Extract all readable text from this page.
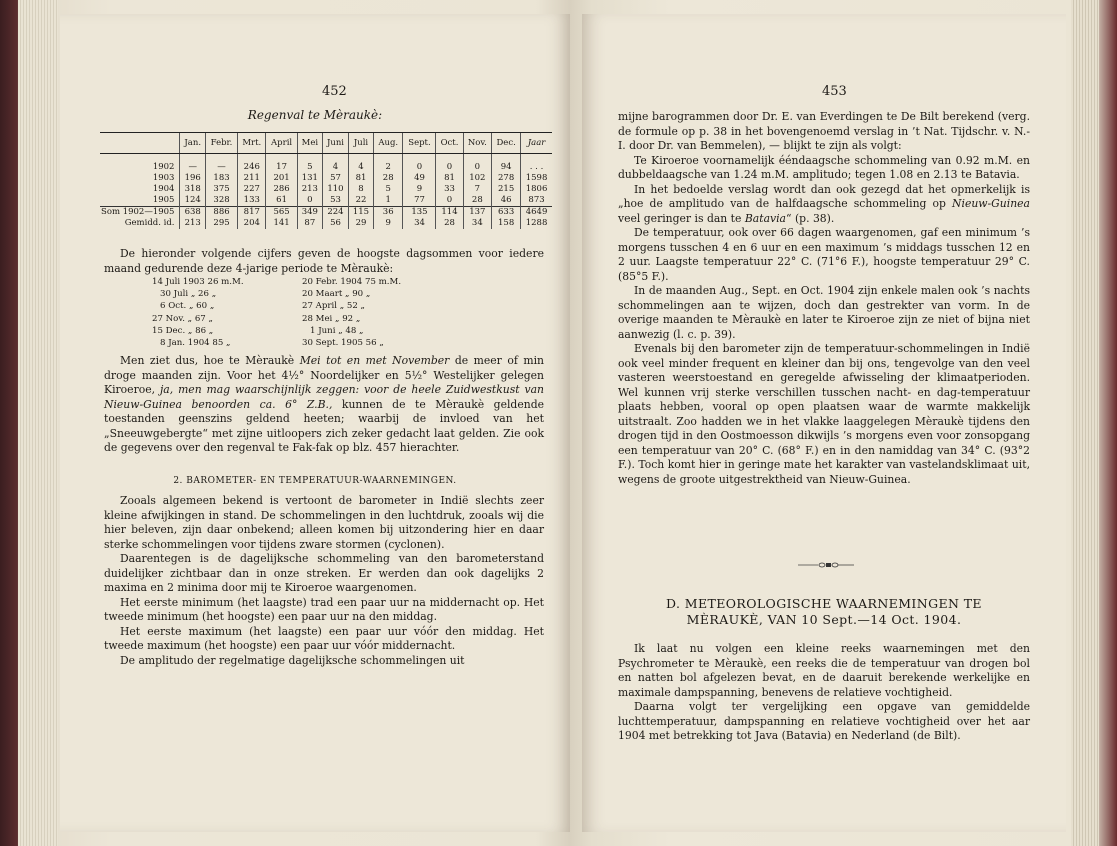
452
Regenval te Mèraukè:
	Jan.	Febr.	Mrt.	April	Mei	Juni	Juli	Aug.	Sept.	Oct.	Nov.	Dec.	Jaar

1902	—	—	246	17	5	4	4	2	0	0	0	94	. . .
1903	196	183	211	201	131	57	81	28	49	81	102	278	1598
1904	318	375	227	286	213	110	8	5	9	33	7	215	1806
1905	124	328	133	61	0	53	22	1	77	0	28	46	873
Som 1902—1905	638	886	817	565	349	224	115	36	135	114	137	633	4649
Gemidd. id.	213	295	204	141	87	56	29	9	34	28	34	158	1288

De hieronder volgende cijfers geven de hoogste dagsommen voor iedere maand gedurende deze 4-jarige periode te Mèraukè:

14 Juli 1903 26 m.M.
30 Juli „ 26 „
6 Oct. „ 60 „
27 Nov. „ 67 „
15 Dec. „ 86 „
8 Jan. 1904 85 „
20 Febr. 1904 75 m.M.
20 Maart „ 90 „
27 April „ 52 „
28 Mei „ 92 „
1 Juni „ 48 „
30 Sept. 1905 56 „

Men ziet dus, hoe te Mèraukè Mei tot en met November de meer of min droge maanden zijn. Voor het 4½° Noordelijker en 5½° Westelijker gelegen Kiroeroe, ja, men mag waarschijnlijk zeggen: voor de heele Zuidwestkust van Nieuw-Guinea benoorden ca. 6° Z.B., kunnen de te Mèraukè geldende toestanden geenszins geldend heeten; waarbij de invloed van het „Sneeuwgebergte“ met zijne uitloopers zich zeker gedacht laat gelden. Zie ook de gegevens over den regenval te Fak-fak op blz. 457 hierachter.

2. BAROMETER- EN TEMPERATUUR-WAARNEMINGEN.

Zooals algemeen bekend is vertoont de barometer in Indië slechts zeer kleine afwijkingen in stand. De schommelingen in den luchtdruk, zooals wij die hier beleven, zijn daar onbekend; alleen komen bij uitzondering hier en daar sterke schommelingen voor tijdens zware stormen (cyclonen).

Daarentegen is de dagelijksche schommeling van den barometerstand duidelijker zichtbaar dan in onze streken. Er werden dan ook dagelijks 2 maxima en 2 minima door mij te Kiroeroe waargenomen.

Het eerste minimum (het laagste) trad een paar uur na middernacht op. Het tweede minimum (het hoogste) een paar uur na den middag.

Het eerste maximum (het laagste) een paar uur vóór den middag. Het tweede maximum (het hoogste) een paar uur vóór middernacht.

De amplitudo der regelmatige dagelijksche schommelingen uit

453

mijne barogrammen door Dr. E. van Everdingen te De Bilt berekend (verg. de formule op p. 38 in het bovengenoemd verslag in ’t Nat. Tijdschr. v. N.-I. door Dr. van Bemmelen), — blijkt te zijn als volgt:

Te Kiroeroe voornamelijk ééndaagsche schommeling van 0.92 m.M. en dubbeldaagsche van 1.24 m.M. amplitudo; tegen 1.08 en 2.13 te Batavia.

In het bedoelde verslag wordt dan ook gezegd dat het opmerkelijk is „hoe de amplitudo van de halfdaagsche schommeling op Nieuw-Guinea veel geringer is dan te Batavia“ (p. 38).

De temperatuur, ook over 66 dagen waargenomen, gaf een minimum ’s morgens tusschen 4 en 6 uur en een maximum ’s middags tusschen 12 en 2 uur. Laagste temperatuur 22° C. (71°6 F.), hoogste temperatuur 29° C. (85°5 F.).

In de maanden Aug., Sept. en Oct. 1904 zijn enkele malen ook ’s nachts schommelingen aan te wijzen, doch dan gestrekter van vorm. In de overige maanden te Mèraukè en later te Kiroeroe zijn ze niet of bijna niet aanwezig (l. c. p. 39).

Evenals bij den barometer zijn de temperatuur-schommelingen in Indië ook veel minder frequent en kleiner dan bij ons, tengevolge van den veel vasteren weerstoestand en geregelde afwisseling der klimaatperioden. Wel kunnen vrij sterke verschillen tusschen nacht- en dag-temperatuur plaats hebben, vooral op open plaatsen waar de warmte makkelijk uitstraalt. Zoo hadden we in het vlakke laaggelegen Mèraukè tijdens den drogen tijd in den Oostmoesson dikwijls ’s morgens even voor zonsopgang een temperatuur van 20° C. (68° F.) en in den namiddag van 34° C. (93°2 F.). Toch komt hier in geringe mate het karakter van vastelandsklimaat uit, wegens de groote uitgestrektheid van Nieuw-Guinea.

D. METEOROLOGISCHE WAARNEMINGEN TE
MÈRAUKÈ, VAN 10 Sept.—14 Oct. 1904.

Ik laat nu volgen een kleine reeks waarnemingen met den Psychrometer te Mèraukè, een reeks die de temperatuur van drogen bol en natten bol afgelezen bevat, en de daaruit berekende werkelijke en maximale dampspanning, benevens de relatieve vochtigheid.

Daarna volgt ter vergelijking een opgave van gemiddelde luchttemperatuur, dampspanning en relatieve vochtigheid over het aar 1904 met betrekking tot Java (Batavia) en Nederland (de Bilt).
